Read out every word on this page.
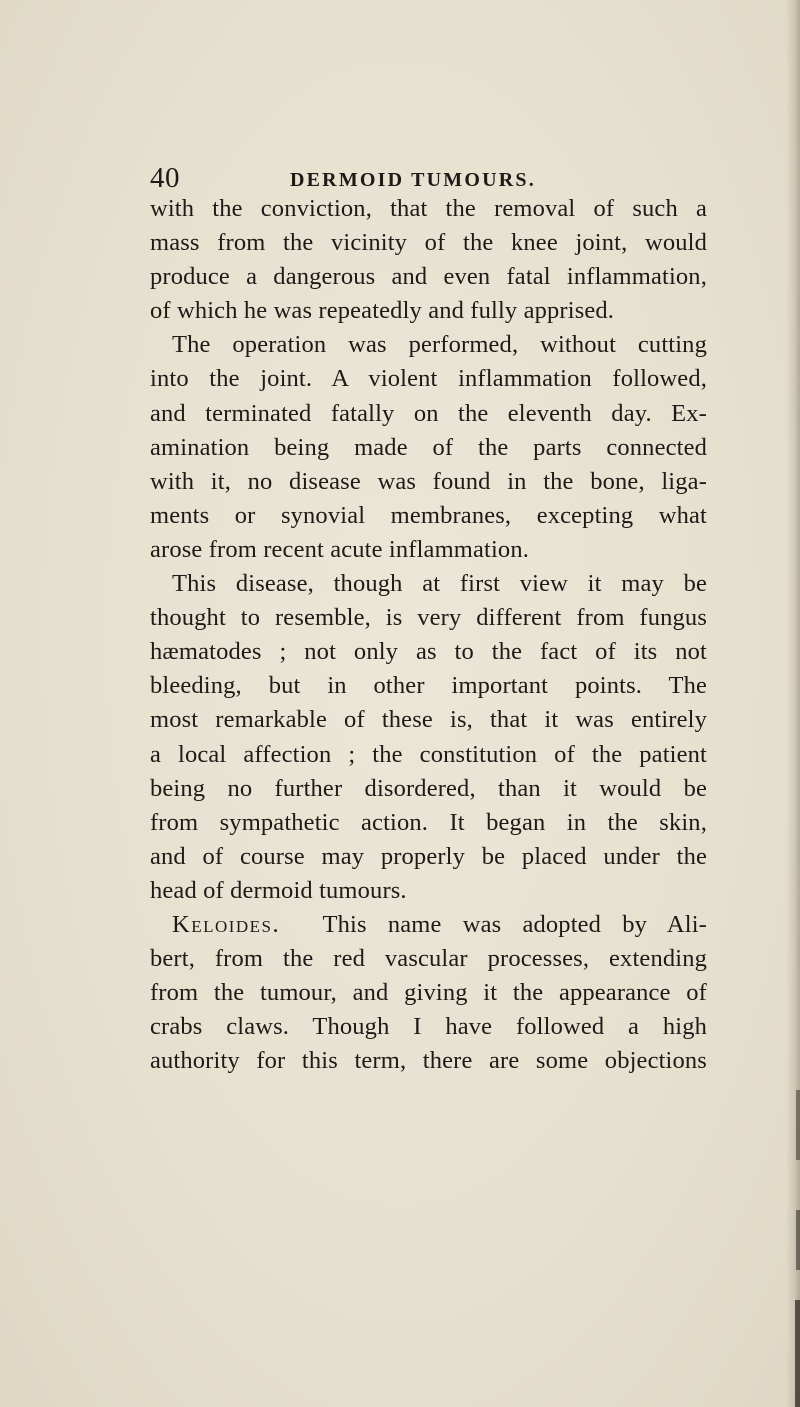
40	DERMOID TUMOURS.
with the conviction, that the removal of such a
mass from the vicinity of the knee joint, would
produce a dangerous and even fatal inflammation,
of which he was repeatedly and fully apprised.
The operation was performed, without cutting
into the joint. A violent inflammation followed,
and terminated fatally on the eleventh day. Ex-
amination being made of the parts connected
with it, no disease was found in the bone, liga-
ments or synovial membranes, excepting what
arose from recent acute inflammation.
This disease, though at first view it may be
thought to resemble, is very different from fungus
hæmatodes ; not only as to the fact of its not
bleeding, but in other important points. The
most remarkable of these is, that it was entirely
a local affection ; the constitution of the patient
being no further disordered, than it would be
from sympathetic action. It began in the skin,
and of course may properly be placed under the
head of dermoid tumours.
Keloides. This name was adopted by Ali-
bert, from the red vascular processes, extending
from the tumour, and giving it the appearance of
crabs claws. Though I have followed a high
authority for this term, there are some objections
